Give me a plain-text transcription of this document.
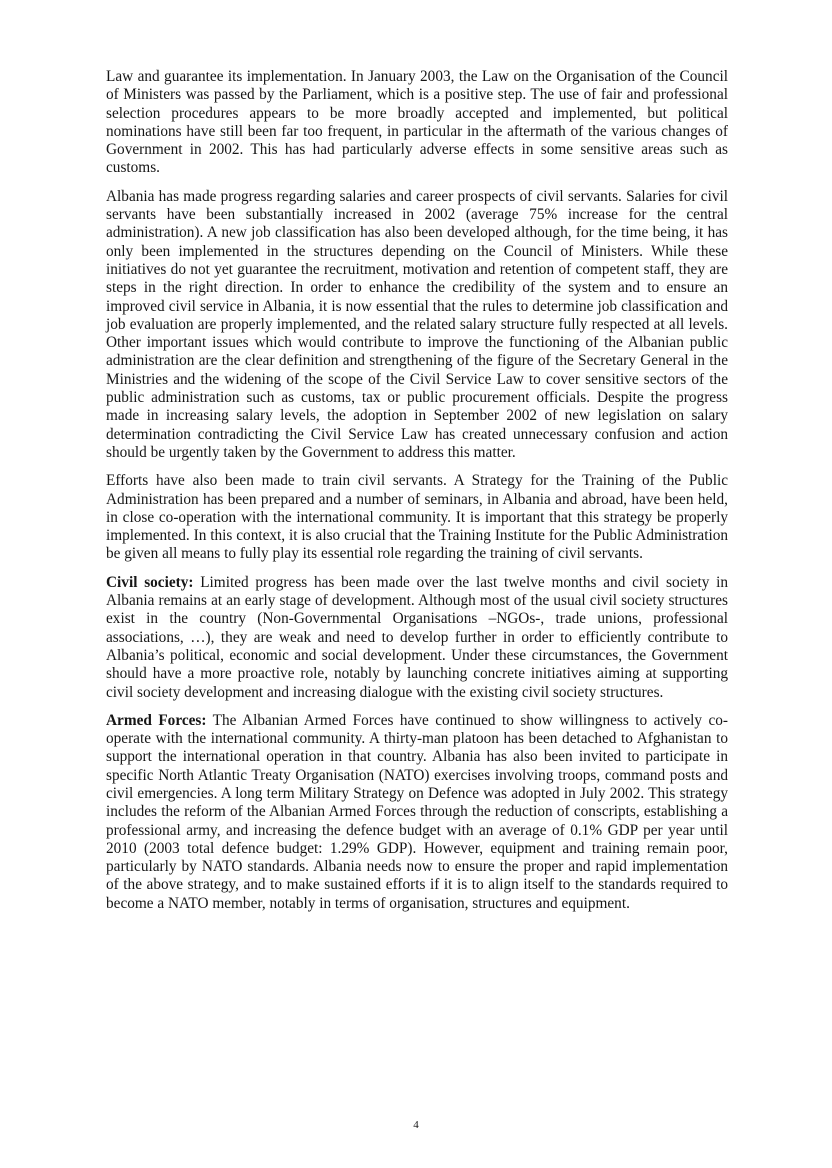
Law and guarantee its implementation. In January 2003, the Law on the Organisation of the Council of Ministers was passed by the Parliament, which is a positive step. The use of fair and professional selection procedures appears to be more broadly accepted and implemented, but political nominations have still been far too frequent, in particular in the aftermath of the various changes of Government in 2002. This has had particularly adverse effects in some sensitive areas such as customs.

Albania has made progress regarding salaries and career prospects of civil servants. Salaries for civil servants have been substantially increased in 2002 (average 75% increase for the central administration). A new job classification has also been developed although, for the time being, it has only been implemented in the structures depending on the Council of Ministers. While these initiatives do not yet guarantee the recruitment, motivation and retention of competent staff, they are steps in the right direction. In order to enhance the credibility of the system and to ensure an improved civil service in Albania, it is now essential that the rules to determine job classification and job evaluation are properly implemented, and the related salary structure fully respected at all levels. Other important issues which would contribute to improve the functioning of the Albanian public administration are the clear definition and strengthening of the figure of the Secretary General in the Ministries and the widening of the scope of the Civil Service Law to cover sensitive sectors of the public administration such as customs, tax or public procurement officials. Despite the progress made in increasing salary levels, the adoption in September 2002 of new legislation on salary determination contradicting the Civil Service Law has created unnecessary confusion and action should be urgently taken by the Government to address this matter.

Efforts have also been made to train civil servants. A Strategy for the Training of the Public Administration has been prepared and a number of seminars, in Albania and abroad, have been held, in close co-operation with the international community. It is important that this strategy be properly implemented. In this context, it is also crucial that the Training Institute for the Public Administration be given all means to fully play its essential role regarding the training of civil servants.

Civil society: Limited progress has been made over the last twelve months and civil society in Albania remains at an early stage of development. Although most of the usual civil society structures exist in the country (Non-Governmental Organisations –NGOs-, trade unions, professional associations, …), they are weak and need to develop further in order to efficiently contribute to Albania’s political, economic and social development. Under these circumstances, the Government should have a more proactive role, notably by launching concrete initiatives aiming at supporting civil society development and increasing dialogue with the existing civil society structures.

Armed Forces: The Albanian Armed Forces have continued to show willingness to actively co-operate with the international community. A thirty-man platoon has been detached to Afghanistan to support the international operation in that country. Albania has also been invited to participate in specific North Atlantic Treaty Organisation (NATO) exercises involving troops, command posts and civil emergencies. A long term Military Strategy on Defence was adopted in July 2002. This strategy includes the reform of the Albanian Armed Forces through the reduction of conscripts, establishing a professional army, and increasing the defence budget with an average of 0.1% GDP per year until 2010 (2003 total defence budget: 1.29% GDP). However, equipment and training remain poor, particularly by NATO standards. Albania needs now to ensure the proper and rapid implementation of the above strategy, and to make sustained efforts if it is to align itself to the standards required to become a NATO member, notably in terms of organisation, structures and equipment.

4
